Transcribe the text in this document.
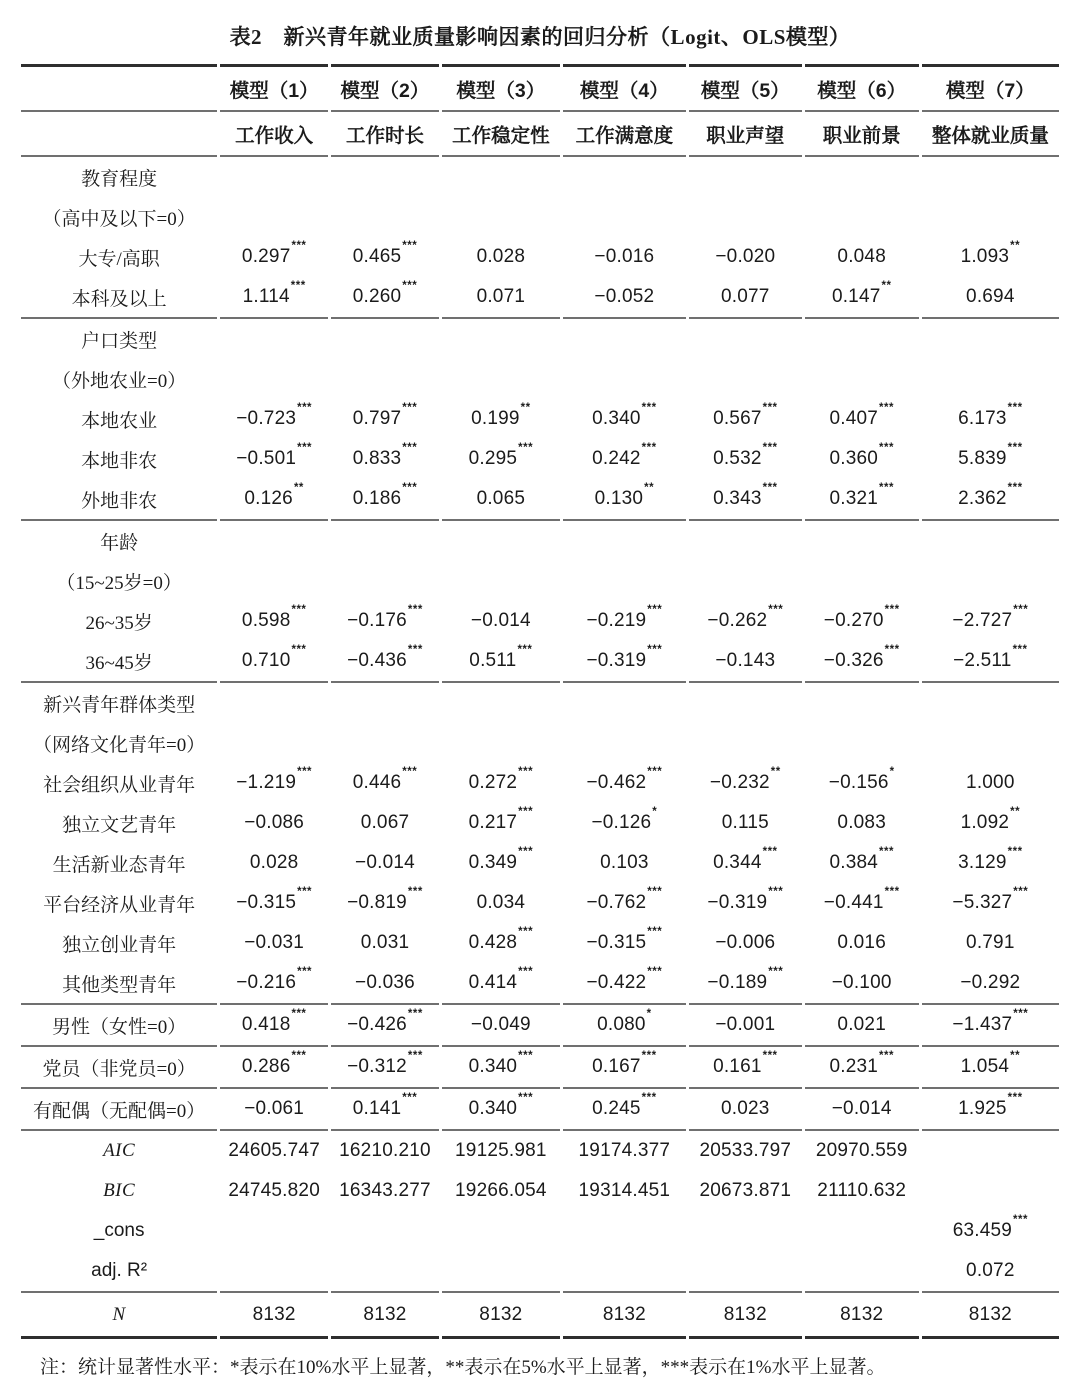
表2　新兴青年就业质量影响因素的回归分析（Logit、OLS模型）
	模型（1）	模型（2）	模型（3）	模型（4）	模型（5）	模型（6）	模型（7）
	工作收入	工作时长	工作稳定性	工作满意度	职业声望	职业前景	整体就业质量
教育程度							
（高中及以下=0）							
大专/高职	0.297***	0.465***	0.028	−0.016	−0.020	0.048	1.093**
本科及以上	1.114***	0.260***	0.071	−0.052	0.077	0.147**	0.694
户口类型							
（外地农业=0）							
本地农业	−0.723***	0.797***	0.199**	0.340***	0.567***	0.407***	6.173***
本地非农	−0.501***	0.833***	0.295***	0.242***	0.532***	0.360***	5.839***
外地非农	0.126**	0.186***	0.065	0.130**	0.343***	0.321***	2.362***
年龄							
（15~25岁=0）							
26~35岁	0.598***	−0.176***	−0.014	−0.219***	−0.262***	−0.270***	−2.727***
36~45岁	0.710***	−0.436***	0.511***	−0.319***	−0.143	−0.326***	−2.511***
新兴青年群体类型							
（网络文化青年=0）							
社会组织从业青年	−1.219***	0.446***	0.272***	−0.462***	−0.232**	−0.156*	1.000
独立文艺青年	−0.086	0.067	0.217***	−0.126*	0.115	0.083	1.092**
生活新业态青年	0.028	−0.014	0.349***	0.103	0.344***	0.384***	3.129***
平台经济从业青年	−0.315***	−0.819***	0.034	−0.762***	−0.319***	−0.441***	−5.327***
独立创业青年	−0.031	0.031	0.428***	−0.315***	−0.006	0.016	0.791
其他类型青年	−0.216***	−0.036	0.414***	−0.422***	−0.189***	−0.100	−0.292
男性（女性=0）	0.418***	−0.426***	−0.049	0.080*	−0.001	0.021	−1.437***
党员（非党员=0）	0.286***	−0.312***	0.340***	0.167***	0.161***	0.231***	1.054**
有配偶（无配偶=0）	−0.061	0.141***	0.340***	0.245***	0.023	−0.014	1.925***
AIC	24605.747	16210.210	19125.981	19174.377	20533.797	20970.559	
BIC	24745.820	16343.277	19266.054	19314.451	20673.871	21110.632	
_cons							63.459***
adj. R²							0.072
N	8132	8132	8132	8132	8132	8132	8132
注：统计显著性水平：*表示在10%水平上显著，**表示在5%水平上显著，***表示在1%水平上显著。
